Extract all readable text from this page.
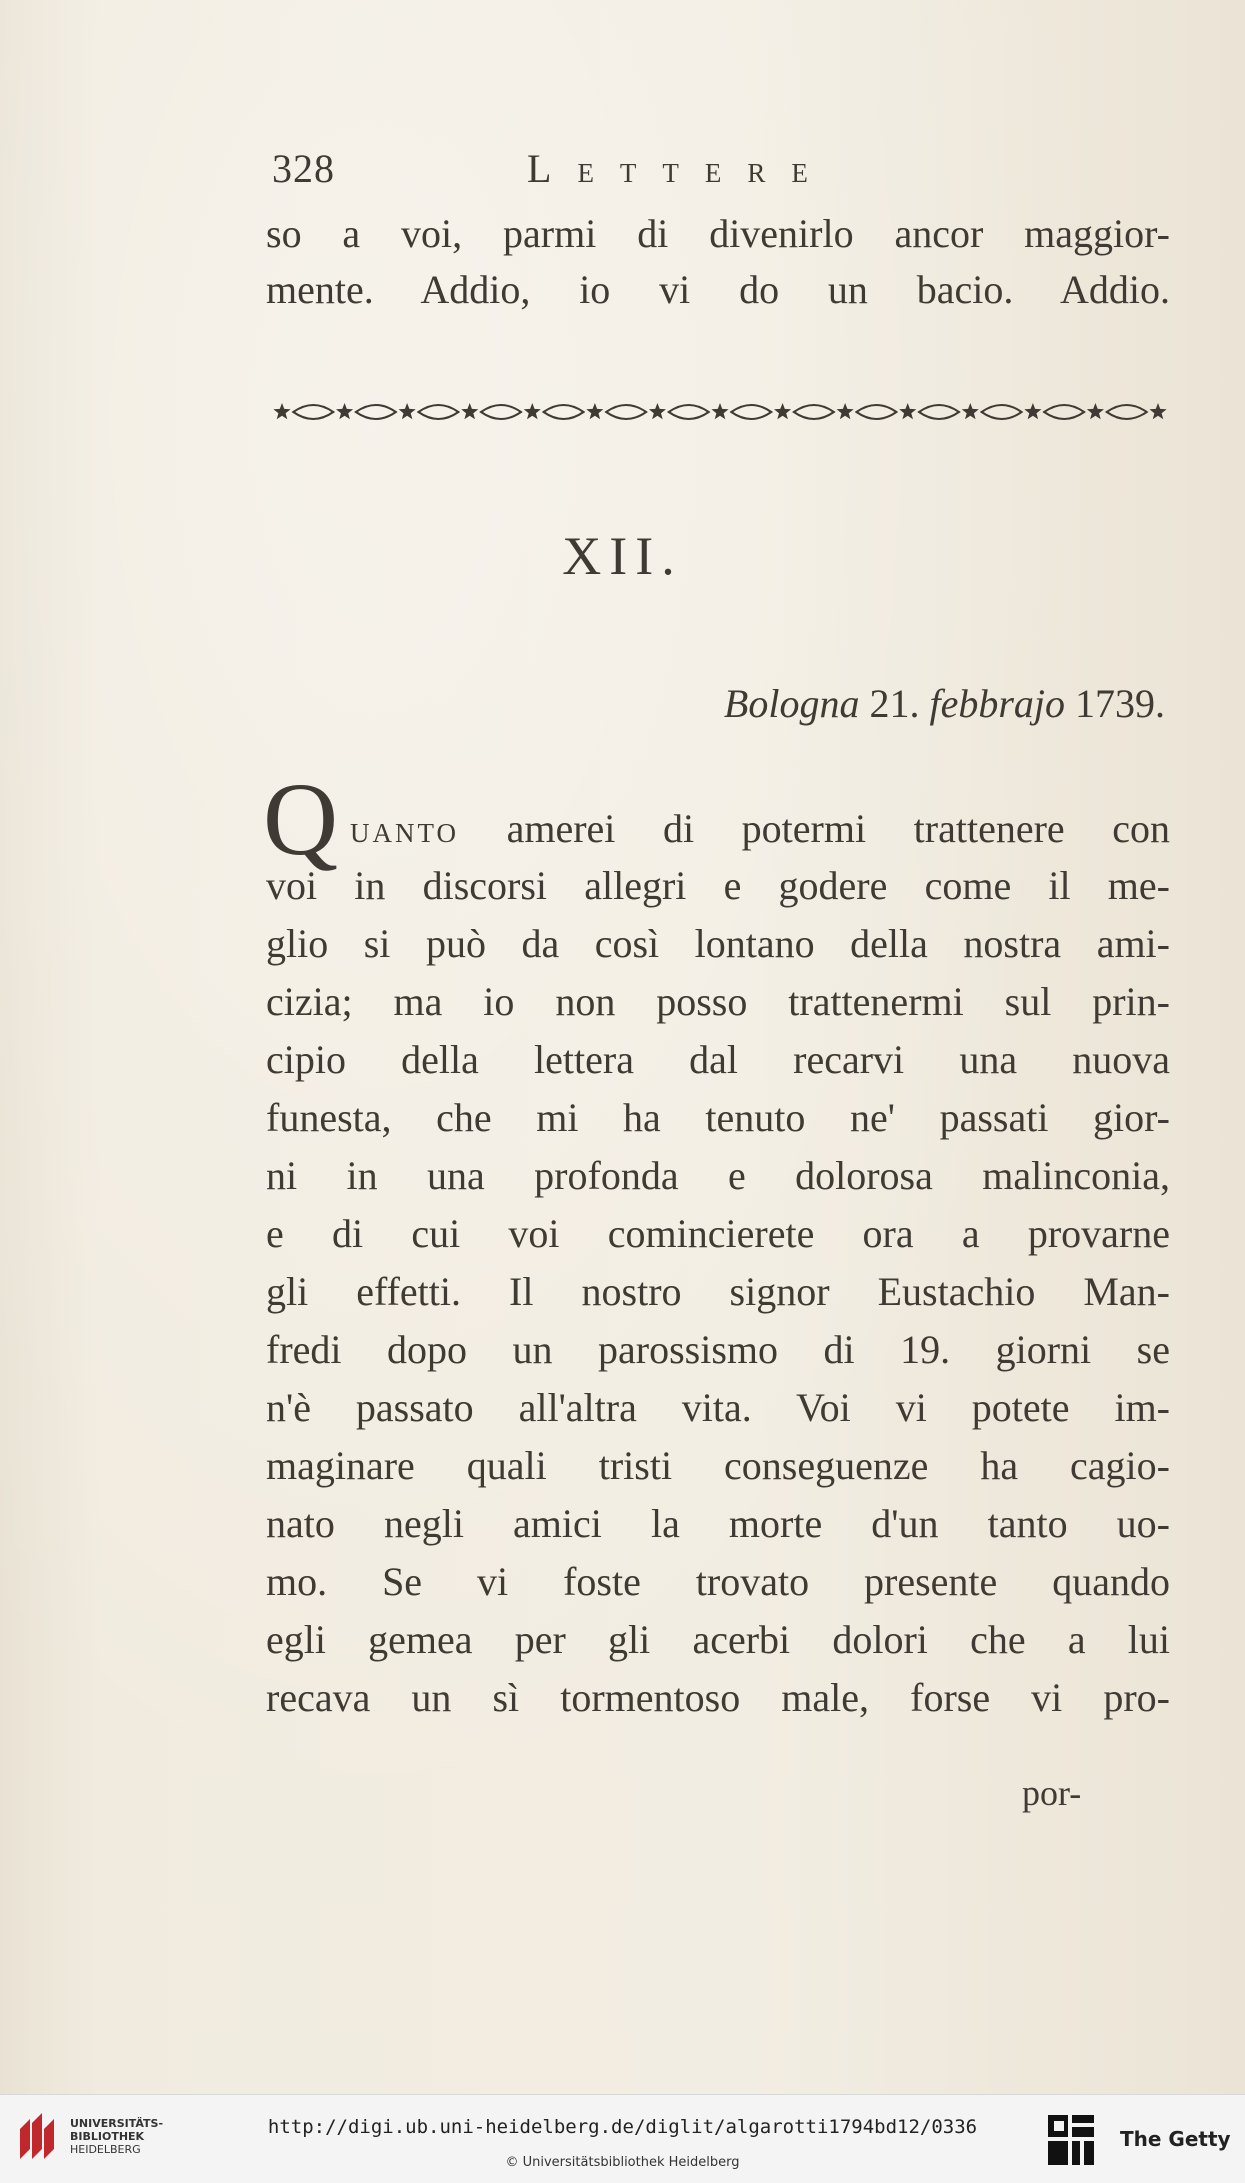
328	LETTERE
so a voi, parmi di divenirlo ancor maggior-
mente. Addio, io vi do un bacio. Addio.
XII.
Bologna 21. febbrajo 1739.
Q UANTO amerei di potermi trattenere con
voi in discorsi allegri e godere come il me-
glio si può da così lontano della nostra ami-
cizia; ma io non posso trattenermi sul prin-
cipio della lettera dal recarvi una nuova
funesta, che mi ha tenuto ne' passati gior-
ni in una profonda e dolorosa malinconia,
e di cui voi comincierete ora a provarne
gli effetti. Il nostro signor Eustachio Man-
fredi dopo un parossismo di 19. giorni se
n'è passato all'altra vita. Voi vi potete im-
maginare quali tristi conseguenze ha cagio-
nato negli amici la morte d'un tanto uo-
mo. Se vi foste trovato presente quando
egli gemea per gli acerbi dolori che a lui
recava un sì tormentoso male, forse vi pro-
por-
UNIVERSITÄTS-
BIBLIOTHEK
HEIDELBERG
http://digi.ub.uni-heidelberg.de/diglit/algarotti1794bd12/0336
© Universitätsbibliothek Heidelberg
The Getty
